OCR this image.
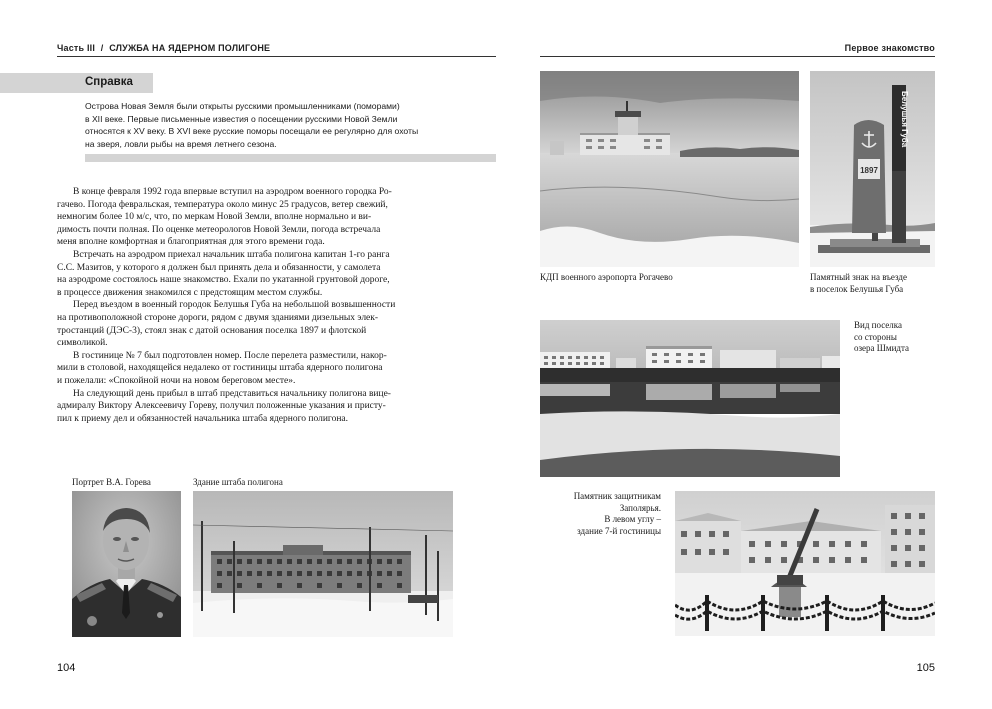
Часть III / СЛУЖБА НА ЯДЕРНОМ ПОЛИГОНЕ
Справка
Острова Новая Земля были открыты русскими промышленниками (поморами)
в XII веке. Первые письменные известия о посещении русскими Новой Земли
относятся к XV веку. В XVI веке русские поморы посещали ее регулярно для охоты
на зверя, ловли рыбы на время летнего сезона.
В конце февраля 1992 года впервые вступил на аэродром военного городка Ро-
гачево. Погода февральская, температура около минус 25 градусов, ветер свежий,
немногим более 10 м/с, что, по меркам Новой Земли, вполне нормально и ви-
димость почти полная. По оценке метеорологов Новой Земли, погода встречала
меня вполне комфортная и благоприятная для этого времени года.
Встречать на аэродром приехал начальник штаба полигона капитан 1-го ранга
С.С. Мазитов, у которого я должен был принять дела и обязанности, у самолета
на аэродроме состоялось наше знакомство. Ехали по укатанной грунтовой дороге,
в процессе движения знакомился с предстоящим местом службы.
Перед въездом в военный городок Белушья Губа на небольшой возвышенности
на противоположной стороне дороги, рядом с двумя зданиями дизельных элек-
тростанций (ДЭС-3), стоял знак с датой основания поселка 1897 и флотской
символикой.
В гостинице № 7 был подготовлен номер. После перелета разместили, накор-
мили в столовой, находящейся недалеко от гостиницы штаба ядерного полигона
и пожелали: «Спокойной ночи на новом береговом месте».
На следующий день прибыл в штаб представиться начальнику полигона вице-
адмиралу Виктору Алексеевичу Гореву, получил положенные указания и присту-
пил к приему дел и обязанностей начальника штаба ядерного полигона.
Портрет В.А. Горева	Здание штаба полигона
104
Первое знакомство
Белушья Губа
1897
КДП военного аэропорта Рогачево	Памятный знак на въезде
в поселок Белушья Губа
Вид поселка
со стороны
озера Шмидта
Памятник защитникам
Заполярья.
В левом углу –
здание 7-й гостиницы
105
